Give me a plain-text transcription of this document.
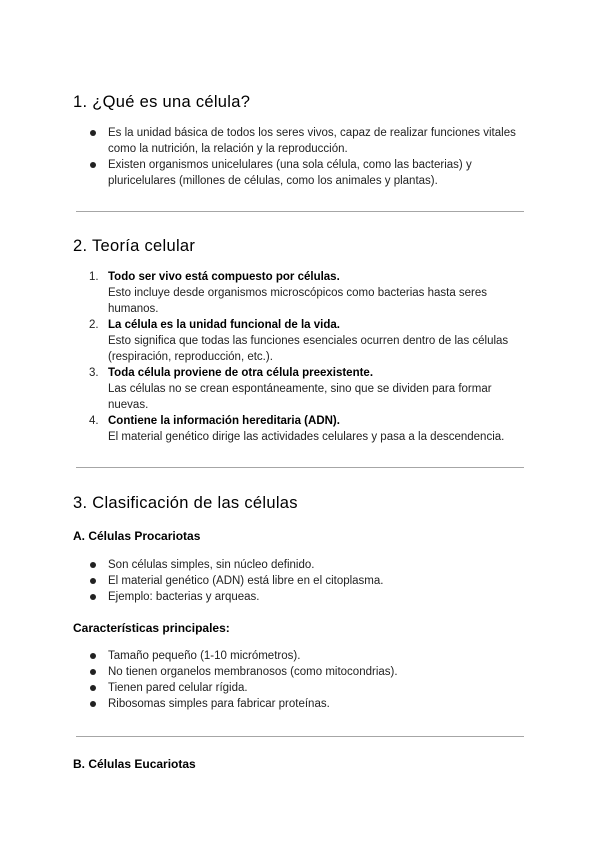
1. ¿Qué es una célula?
Es la unidad básica de todos los seres vivos, capaz de realizar funciones vitales como la nutrición, la relación y la reproducción.
Existen organismos unicelulares (una sola célula, como las bacterias) y pluricelulares (millones de células, como los animales y plantas).
2. Teoría celular
1. Todo ser vivo está compuesto por células.
Esto incluye desde organismos microscópicos como bacterias hasta seres humanos.
2. La célula es la unidad funcional de la vida.
Esto significa que todas las funciones esenciales ocurren dentro de las células (respiración, reproducción, etc.).
3. Toda célula proviene de otra célula preexistente.
Las células no se crean espontáneamente, sino que se dividen para formar nuevas.
4. Contiene la información hereditaria (ADN).
El material genético dirige las actividades celulares y pasa a la descendencia.
3. Clasificación de las células
A. Células Procariotas
Son células simples, sin núcleo definido.
El material genético (ADN) está libre en el citoplasma.
Ejemplo: bacterias y arqueas.
Características principales:
Tamaño pequeño (1-10 micrómetros).
No tienen organelos membranosos (como mitocondrias).
Tienen pared celular rígida.
Ribosomas simples para fabricar proteínas.
B. Células Eucariotas
